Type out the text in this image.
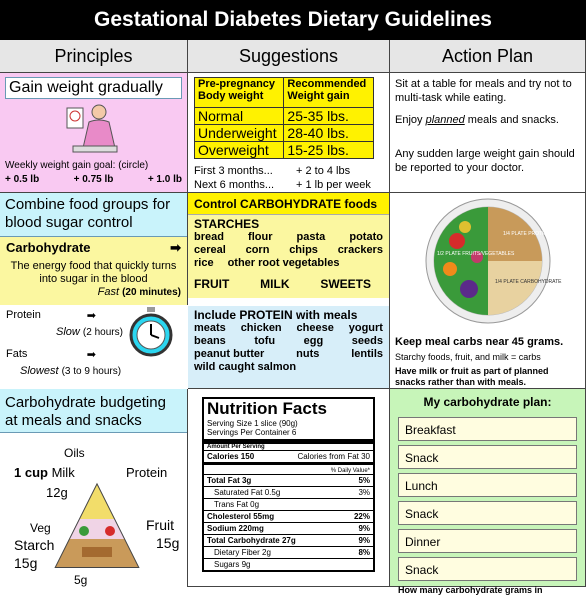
Gestational Diabetes Dietary Guidelines
Principles	Suggestions	Action Plan
Gain weight gradually
Weekly weight gain goal: (circle)
+ 0.5 lb	+ 0.75 lb	+ 1.0 lb
Pre-pregnancy Body weight	Recommended Weight gain
Normal	25-35 lbs.
Underweight	28-40 lbs.
Overweight	15-25 lbs.
First 3 months...	+ 2 to 4 lbs
Next 6 months...	+ 1 lb per week
Sit at a table for meals and try not to multi-task while eating.
Enjoy planned meals and snacks.
Any sudden large weight gain should be reported to your doctor.
Combine food groups for blood sugar control
Carbohydrate	➡
The energy food that quickly turns into sugar in the blood
Fast (20 minutes)
Protein	➡
Slow (2 hours)
Fats	➡
Slowest (3 to 9 hours)
Control CARBOHYDRATE foods
STARCHES
bread flour pasta potato
cereal corn chips crackers
rice other root vegetables
FRUIT	MILK	SWEETS
Include PROTEIN with meals
meats chicken cheese yogurt
beans	tofu	egg	seeds
peanut butter	nuts	lentils
wild caught salmon
1/4 PLATE PROTEIN
1/4 PLATE CARBOHYDRATE
1/2 PLATE FRUITS/VEGETABLES
Keep meal carbs near 45 grams.
Starchy foods, fruit, and milk = carbs
Have milk or fruit as part of planned snacks rather than with meals.
Carbohydrate budgeting at meals and snacks
Oils
1 cup Milk	Protein
12g
Veg	Fruit
Starch	15g
15g
5g
Nutrition Facts
Serving Size 1 slice (90g)
Servings Per Container 6
Amount Per Serving
Calories 150	Calories from Fat 30
% Daily Value*
Total Fat 3g	5%
Saturated Fat 0.5g	3%
Trans Fat 0g
Cholesterol 55mg	22%
Sodium 220mg	9%
Total Carbohydrate 27g	9%
Dietary Fiber 2g	8%
Sugars 9g
My carbohydrate plan:
Breakfast
Snack
Lunch
Snack
Dinner
Snack
How many carbohydrate grams in
